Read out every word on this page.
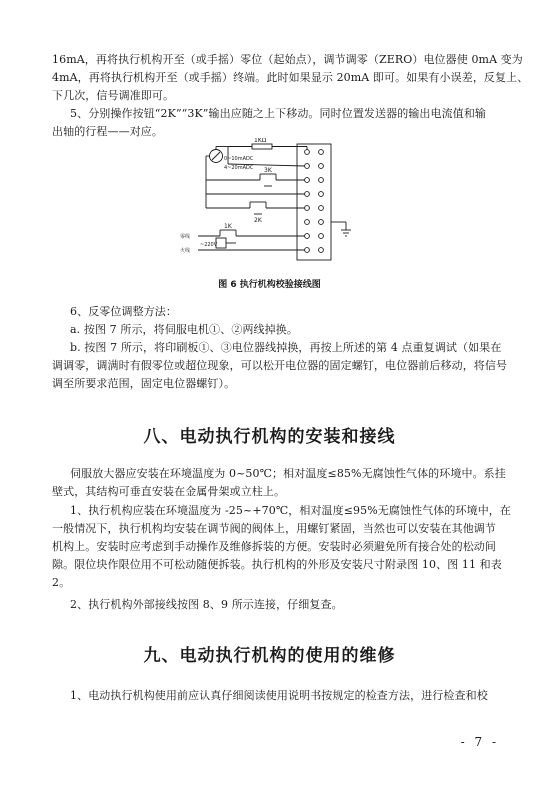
16mA，再将执行机构开至（或手摇）零位（起始点），调节调零（ZERO）电位器使 0mA 变为
4mA，再将执行机构开至（或手摇）终端。此时如果显示 20mA 即可。如果有小误差，反复上、
下几次，信号调准即可。
5、分别操作按钮“2K”“3K”输出应随之上下移动。同时位置发送器的输出电流值和输
出轴的行程——对应。
1KΩ
0~10mADC
4~20mADC 3K
2K
1K
零线
火线
~220V
图 6 执行机构校验接线图
6、反零位调整方法：
a. 按图 7 所示，将伺服电机①、②两线掉换。
b. 按图 7 所示，将印刷板①、③电位器线掉换，再按上所述的第 4 点重复调试（如果在
调调零，调满时有假零位或超位现象，可以松开电位器的固定螺钉，电位器前后移动，将信号
调至所要求范围，固定电位器螺钉）。
八、电动执行机构的安装和接线
伺服放大器应安装在环境温度为 0~50℃；相对温度≤85%无腐蚀性气体的环境中。系挂
壁式，其结构可垂直安装在金属骨架或立柱上。
1、执行机构应装在环境温度为 -25~+70℃，相对温度≤95%无腐蚀性气体的环境中，在
一般情况下，执行机构均安装在调节阀的阀体上，用螺钉紧固，当然也可以安装在其他调节
机构上。安装时应考虑到手动操作及维修拆装的方便。安装时必须避免所有接合处的松动间
隙。限位块作限位用不可松动随便拆装。执行机构的外形及安装尺寸附录图 10、图 11 和表
2。
2、执行机构外部接线按图 8、9 所示连接，仔细复查。
九、电动执行机构的使用的维修
1、电动执行机构使用前应认真仔细阅读使用说明书按规定的检查方法，进行检查和校
- 7 -
